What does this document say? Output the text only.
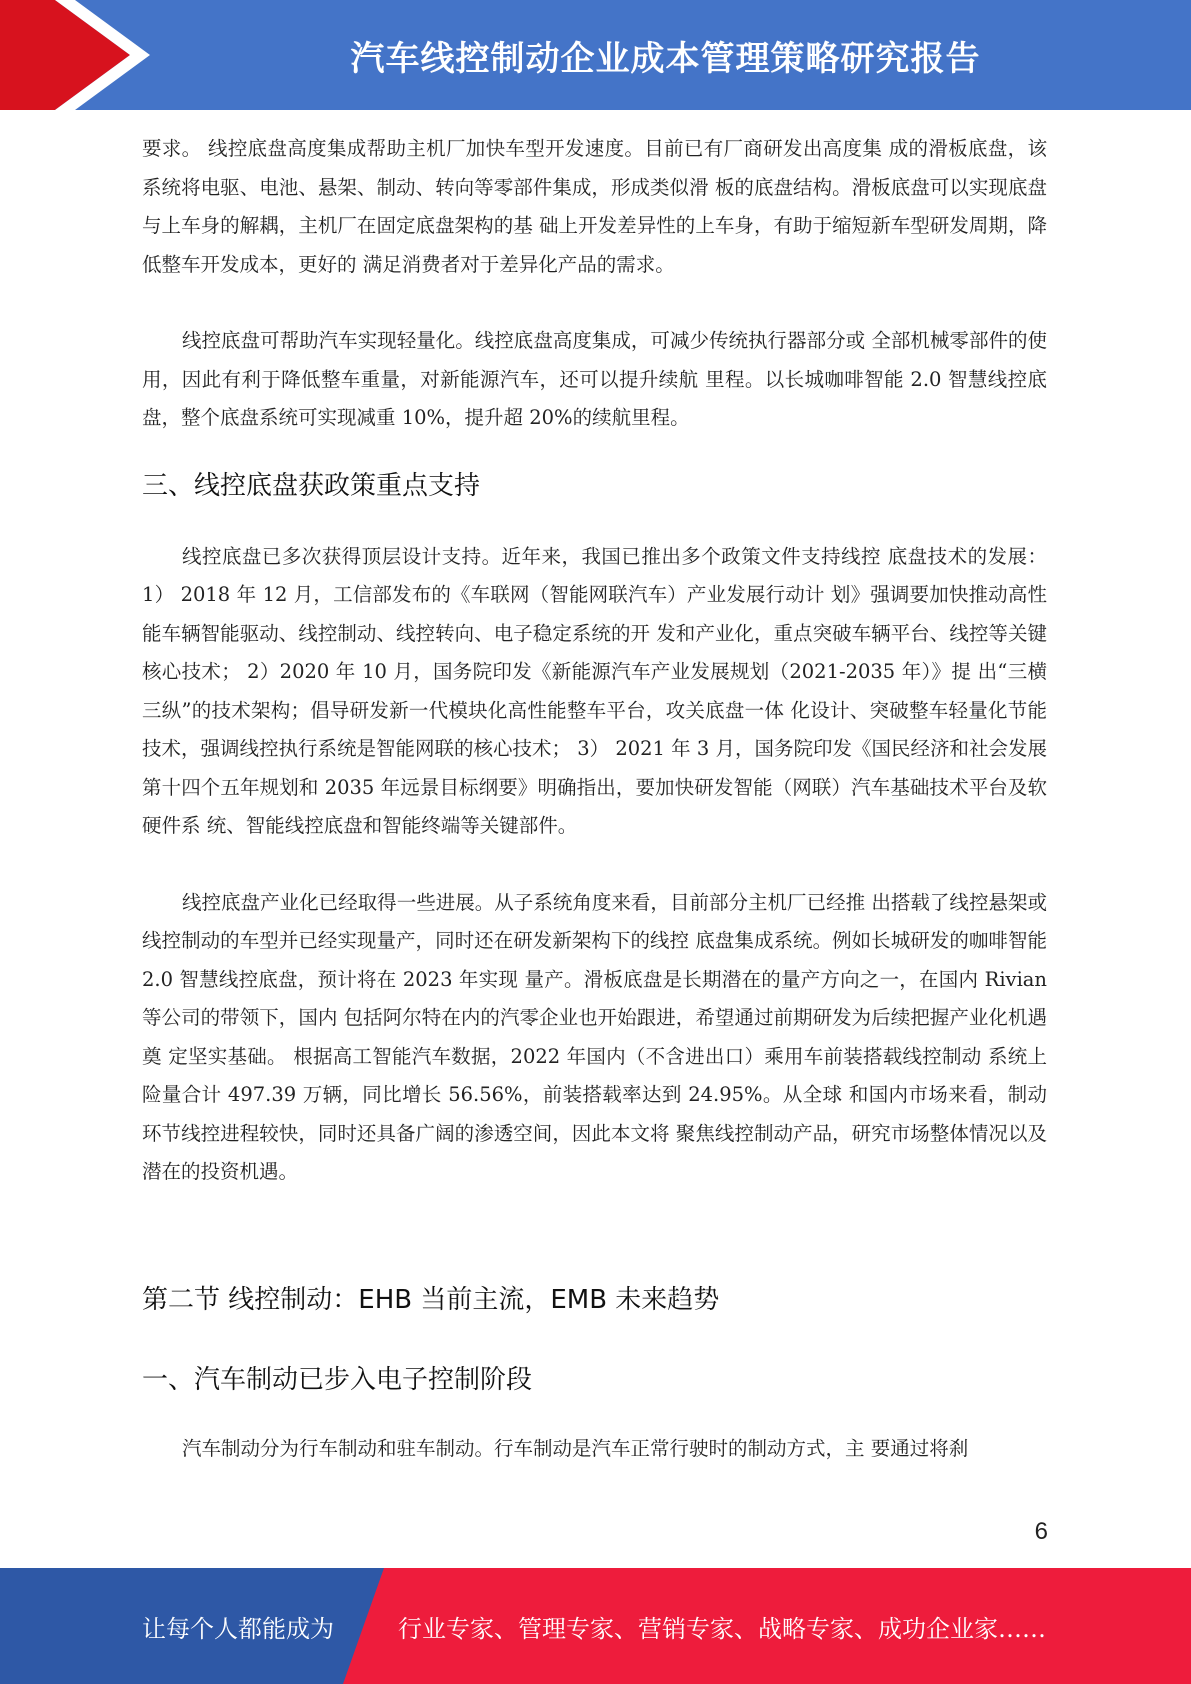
汽车线控制动企业成本管理策略研究报告

要求。 线控底盘高度集成帮助主机厂加快车型开发速度。目前已有厂商研发出高度集 成的滑板底盘，该系统将电驱、电池、悬架、制动、转向等零部件集成，形成类似滑 板的底盘结构。滑板底盘可以实现底盘与上车身的解耦，主机厂在固定底盘架构的基 础上开发差异性的上车身，有助于缩短新车型研发周期，降低整车开发成本，更好的 满足消费者对于差异化产品的需求。

线控底盘可帮助汽车实现轻量化。线控底盘高度集成，可减少传统执行器部分或 全部机械零部件的使用，因此有利于降低整车重量，对新能源汽车，还可以提升续航 里程。以长城咖啡智能 2.0 智慧线控底盘，整个底盘系统可实现减重 10%，提升超 20%的续航里程。

三、线控底盘获政策重点支持

线控底盘已多次获得顶层设计支持。近年来，我国已推出多个政策文件支持线控 底盘技术的发展： 1） 2018 年 12 月，工信部发布的《车联网（智能网联汽车）产业发展行动计 划》强调要加快推动高性能车辆智能驱动、线控制动、线控转向、电子稳定系统的开 发和产业化，重点突破车辆平台、线控等关键核心技术； 2）2020 年 10 月，国务院印发《新能源汽车产业发展规划（2021-2035 年）》提 出“三横三纵”的技术架构；倡导研发新一代模块化高性能整车平台，攻关底盘一体 化设计、突破整车轻量化节能技术，强调线控执行系统是智能网联的核心技术； 3） 2021 年 3 月，国务院印发《国民经济和社会发展第十四个五年规划和 2035 年远景目标纲要》明确指出，要加快研发智能（网联）汽车基础技术平台及软硬件系 统、智能线控底盘和智能终端等关键部件。

线控底盘产业化已经取得一些进展。从子系统角度来看，目前部分主机厂已经推 出搭载了线控悬架或线控制动的车型并已经实现量产，同时还在研发新架构下的线控 底盘集成系统。例如长城研发的咖啡智能 2.0 智慧线控底盘，预计将在 2023 年实现 量产。滑板底盘是长期潜在的量产方向之一，在国内 Rivian 等公司的带领下，国内 包括阿尔特在内的汽零企业也开始跟进，希望通过前期研发为后续把握产业化机遇奠 定坚实基础。 根据高工智能汽车数据，2022 年国内（不含进出口）乘用车前装搭载线控制动 系统上险量合计 497.39 万辆，同比增长 56.56%，前装搭载率达到 24.95%。从全球 和国内市场来看，制动环节线控进程较快，同时还具备广阔的渗透空间，因此本文将 聚焦线控制动产品，研究市场整体情况以及潜在的投资机遇。

第二节 线控制动：EHB 当前主流，EMB 未来趋势
一、汽车制动已步入电子控制阶段

汽车制动分为行车制动和驻车制动。行车制动是汽车正常行驶时的制动方式，主 要通过将刹

6
让每个人都能成为	行业专家、管理专家、营销专家、战略专家、成功企业家……
